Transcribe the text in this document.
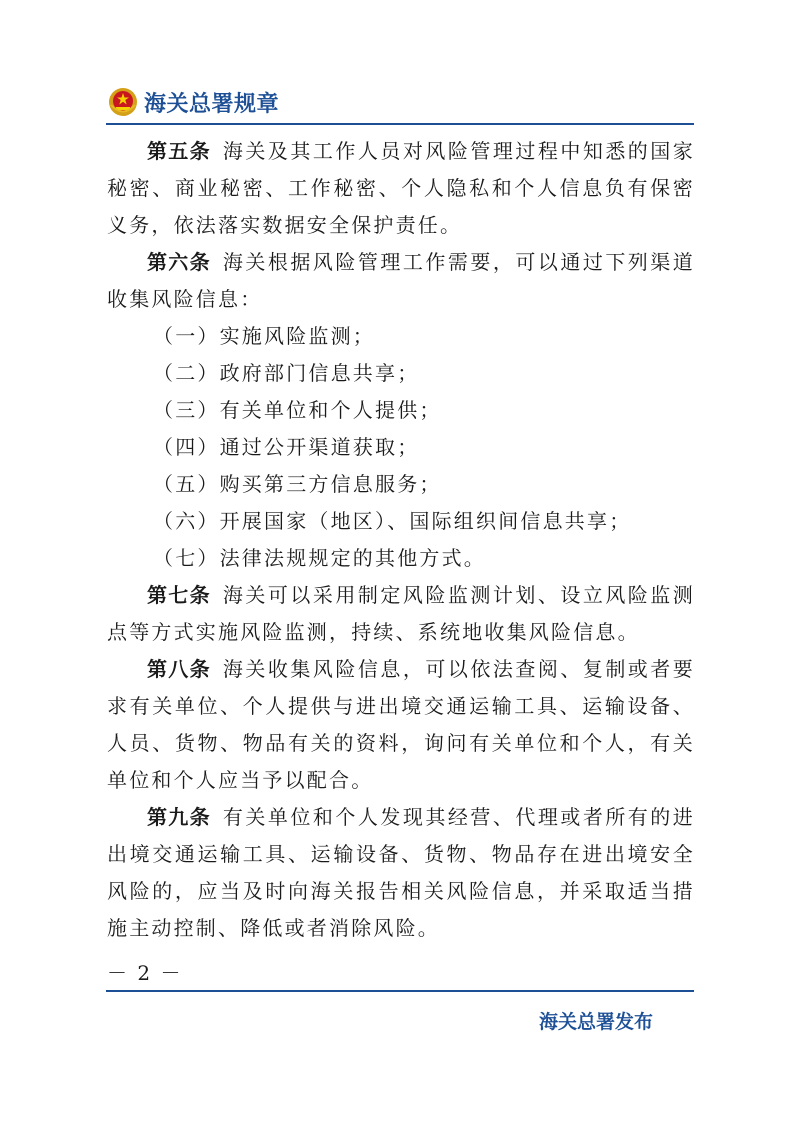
海关总署规章

第五条 海关及其工作人员对风险管理过程中知悉的国家秘密、商业秘密、工作秘密、个人隐私和个人信息负有保密义务，依法落实数据安全保护责任。

第六条 海关根据风险管理工作需要，可以通过下列渠道收集风险信息：

（一）实施风险监测；

（二）政府部门信息共享；

（三）有关单位和个人提供；

（四）通过公开渠道获取；

（五）购买第三方信息服务；

（六）开展国家（地区）、国际组织间信息共享；

（七）法律法规规定的其他方式。

第七条 海关可以采用制定风险监测计划、设立风险监测点等方式实施风险监测，持续、系统地收集风险信息。

第八条 海关收集风险信息，可以依法查阅、复制或者要求有关单位、个人提供与进出境交通运输工具、运输设备、人员、货物、物品有关的资料，询问有关单位和个人，有关单位和个人应当予以配合。

第九条 有关单位和个人发现其经营、代理或者所有的进出境交通运输工具、运输设备、货物、物品存在进出境安全风险的，应当及时向海关报告相关风险信息，并采取适当措施主动控制、降低或者消除风险。

－ 2 －
海关总署发布
